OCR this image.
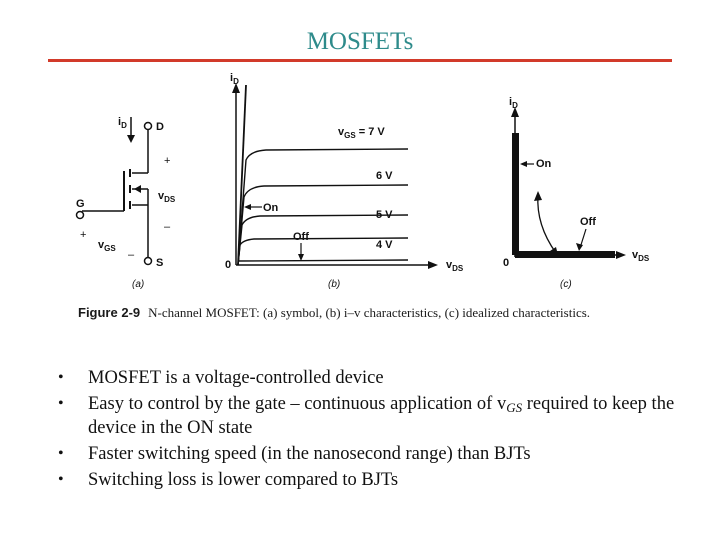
MOSFETs
$i_D$	D
G
S
+
$v_{DS}$
–
+
$v_{GS}$
–
(a)
$i_D$
$v_{DS}$
0
$v_{GS} = 7$ V
6 V
5 V
4 V
On
Off
(b)
$i_D$
$v_{DS}$
0
On
Off
(c)
Figure 2-9 N-channel MOSFET: (a) symbol, (b) i–v characteristics, (c) idealized characteristics.
• MOSFET is a voltage-controlled device
• Easy to control by the gate – continuous application of $v_{GS}$ required to keep the device in the ON state
• Faster switching speed (in the nanosecond range) than BJTs
• Switching loss is lower compared to BJTs
